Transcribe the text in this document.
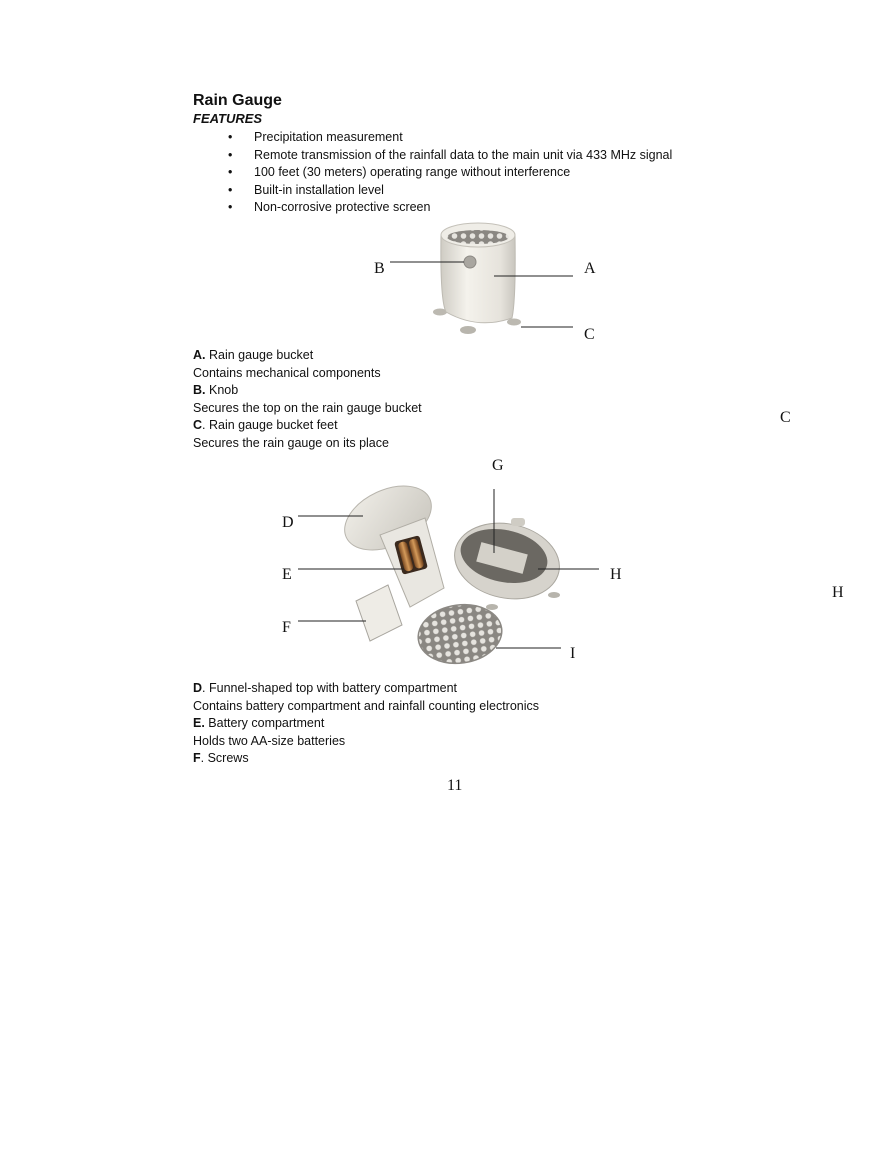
Rain Gauge
FEATURES
• Precipitation measurement
• Remote transmission of the rainfall data to the main unit via 433 MHz signal
• 100 feet (30 meters) operating range without interference
• Built-in installation level
• Non-corrosive protective screen
B	A
C
A. Rain gauge bucket
Contains mechanical components
B. Knob
Secures the top on the rain gauge bucket
C. Rain gauge bucket feet
Secures the rain gauge on its place
C
H
G
D
E	H
F
I
D. Funnel-shaped top with battery compartment
Contains battery compartment and rainfall counting electronics
E. Battery compartment
Holds two AA-size batteries
F. Screws
11
